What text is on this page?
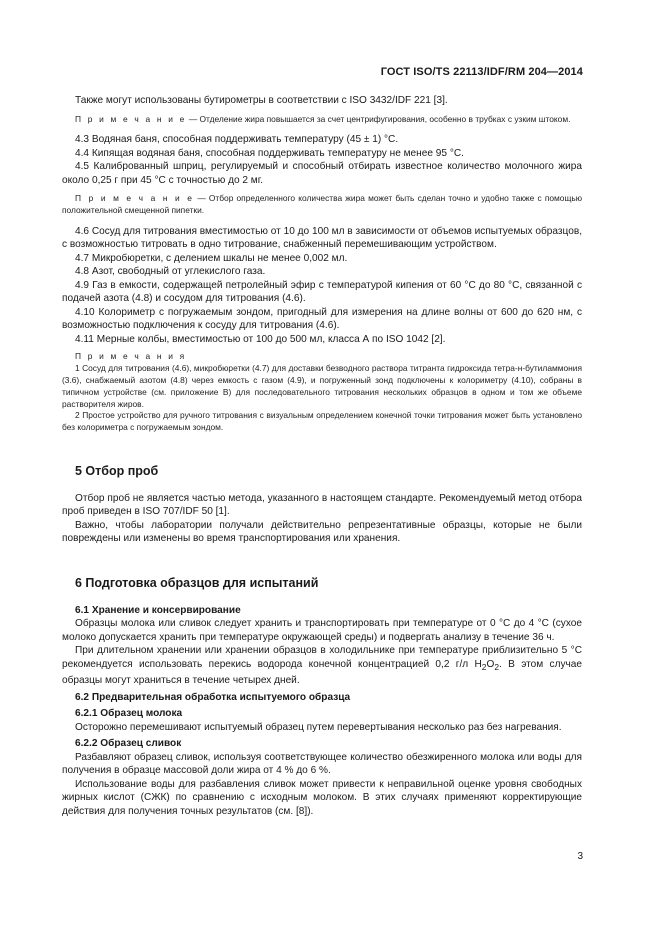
ГОСТ ISO/TS 22113/IDF/RM 204—2014

Также могут использованы бутирометры в соответствии с ISO 3432/IDF 221 [3].

П р и м е ч а н и е — Отделение жира повышается за счет центрифугирования, особенно в трубках с узким штоком.

4.3 Водяная баня, способная поддерживать температуру (45 ± 1) °C.

4.4 Кипящая водяная баня, способная поддерживать температуру не менее 95 °C.

4.5 Калиброванный шприц, регулируемый и способный отбирать известное количество молочного жира около 0,25 г при 45 °C с точностью до 2 мг.

П р и м е ч а н и е — Отбор определенного количества жира может быть сделан точно и удобно также с помощью положительной смещенной пипетки.

4.6 Сосуд для титрования вместимостью от 10 до 100 мл в зависимости от объемов испытуемых образцов, с возможностью титровать в одно титрование, снабженный перемешивающим устройством.

4.7 Микробюретки, с делением шкалы не менее 0,002 мл.

4.8 Азот, свободный от углекислого газа.

4.9 Газ в емкости, содержащей петролейный эфир с температурой кипения от 60 °C до 80 °C, связанной с подачей азота (4.8) и сосудом для титрования (4.6).

4.10 Колориметр с погружаемым зондом, пригодный для измерения на длине волны от 600 до 620 нм, с возможностью подключения к сосуду для титрования (4.6).

4.11 Мерные колбы, вместимостью от 100 до 500 мл, класса А по ISO 1042 [2].

П р и м е ч а н и я

1 Сосуд для титрования (4.6), микробюретки (4.7) для доставки безводного раствора титранта гидроксида тетра-н-бутиламмония (3.6), снабжаемый азотом (4.8) через емкость с газом (4.9), и погруженный зонд подключены к колориметру (4.10), собраны в типичном устройстве (см. приложение В) для последовательного титрования нескольких образцов в одном и том же объеме растворителя жиров.

2 Простое устройство для ручного титрования с визуальным определением конечной точки титрования может быть установлено без колориметра с погружаемым зондом.

5 Отбор проб

Отбор проб не является частью метода, указанного в настоящем стандарте. Рекомендуемый метод отбора проб приведен в ISO 707/IDF 50 [1].

Важно, чтобы лаборатории получали действительно репрезентативные образцы, которые не были повреждены или изменены во время транспортирования или хранения.

6 Подготовка образцов для испытаний

6.1 Хранение и консервирование

Образцы молока или сливок следует хранить и транспортировать при температуре от 0 °C до 4 °C (сухое молоко допускается хранить при температуре окружающей среды) и подвергать анализу в течение 36 ч.

При длительном хранении или хранении образцов в холодильнике при температуре приблизительно 5 °C рекомендуется использовать перекись водорода конечной концентрацией 0,2 г/л $H_2O_2$. В этом случае образцы могут храниться в течение четырех дней.

6.2 Предварительная обработка испытуемого образца

6.2.1 Образец молока

Осторожно перемешивают испытуемый образец путем перевертывания несколько раз без нагревания.

6.2.2 Образец сливок

Разбавляют образец сливок, используя соответствующее количество обезжиренного молока или воды для получения в образце массовой доли жира от 4 % до 6 %.

Использование воды для разбавления сливок может привести к неправильной оценке уровня свободных жирных кислот (СЖК) по сравнению с исходным молоком. В этих случаях применяют корректирующие действия для получения точных результатов (см. [8]).

3
